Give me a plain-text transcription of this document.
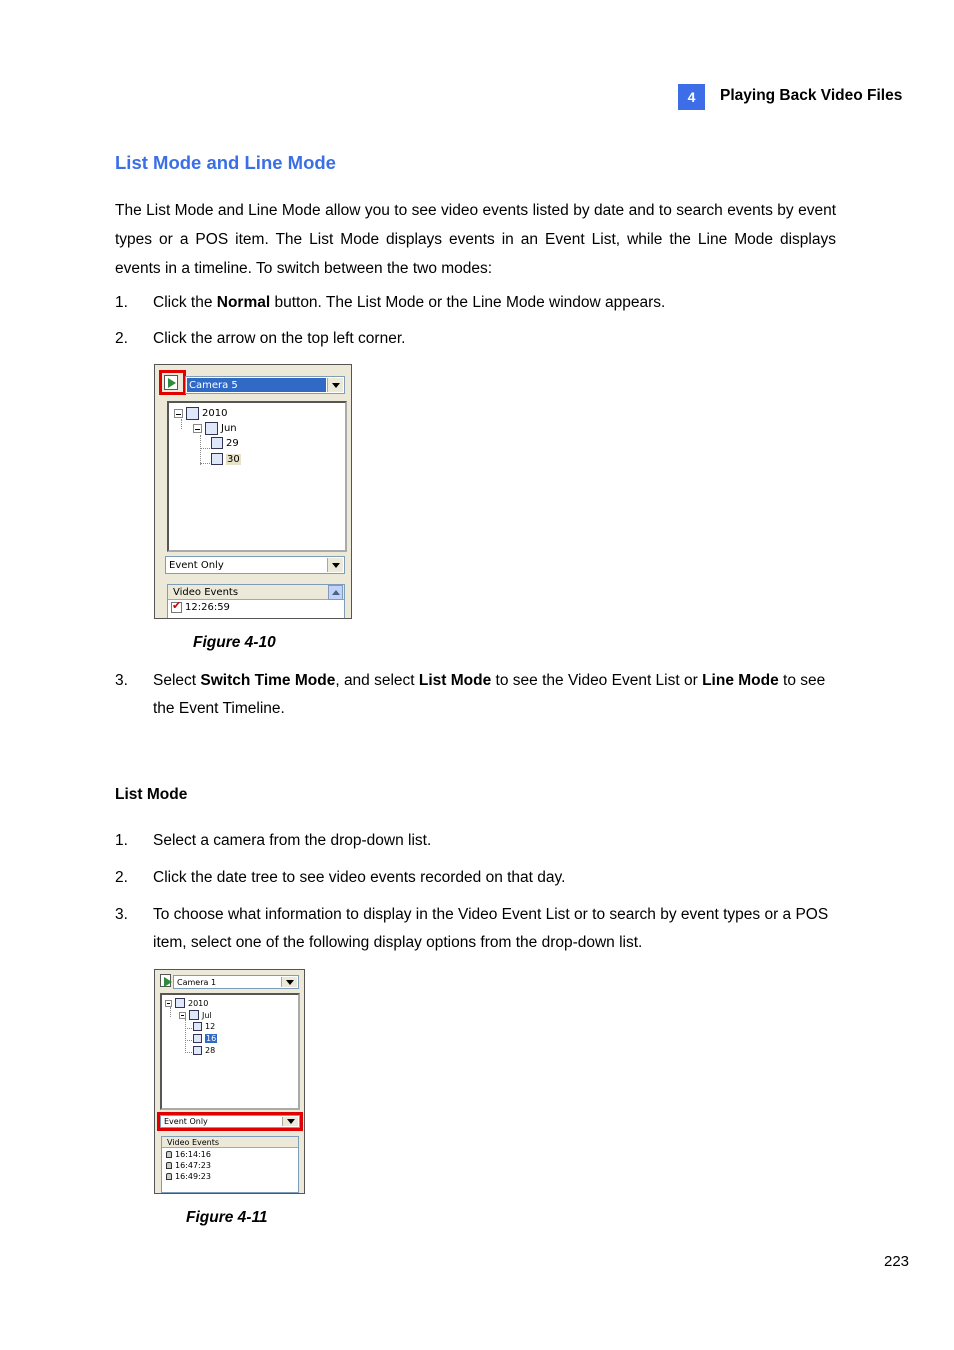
4	Playing Back Video Files
List Mode and Line Mode
The List Mode and Line Mode allow you to see video events listed by date and to search events by event types or a POS item. The List Mode displays events in an Event List, while the Line Mode displays events in a timeline. To switch between the two modes:
1. Click the Normal button. The List Mode or the Line Mode window appears.
2. Click the arrow on the top left corner.
Camera 5
2010
Jun
29
30
Event Only
Video Events
✔
12:26:59
Figure 4-10
3. Select Switch Time Mode, and select List Mode to see the Video Event List or Line Mode to see the Event Timeline.
List Mode
1. Select a camera from the drop-down list.
2. Click the date tree to see video events recorded on that day.
3. To choose what information to display in the Video Event List or to search by event types or a POS item, select one of the following display options from the drop-down list.
Camera 1
2010
Jul
12
16
28
Event Only
Video Events
16:14:16
16:47:23
16:49:23
Figure 4-11
223
